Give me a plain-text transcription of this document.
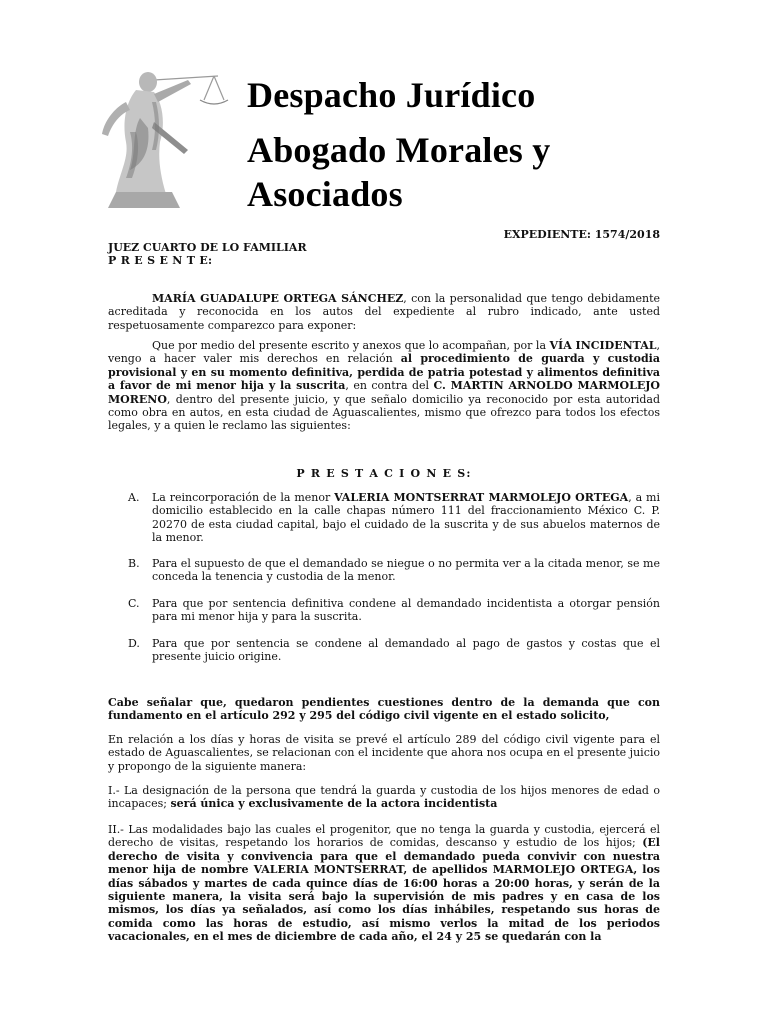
Despacho Jurídico
Abogado Morales y
Asociados
EXPEDIENTE: 1574/2018
JUEZ CUARTO DE LO FAMILIAR
P R E S E N T E:

MARÍA GUADALUPE ORTEGA SÁNCHEZ, con la personalidad que tengo debidamente acreditada y reconocida en los autos del expediente al rubro indicado, ante usted respetuosamente comparezco para exponer:

Que por medio del presente escrito y anexos que lo acompañan, por la VÍA INCIDENTAL, vengo a hacer valer mis derechos en relación al procedimiento de guarda y custodia provisional y en su momento definitiva, perdida de patria potestad y alimentos definitiva a favor de mi menor hija y la suscrita, en contra del C. MARTIN ARNOLDO MARMOLEJO MORENO, dentro del presente juicio, y que señalo domicilio ya reconocido por esta autoridad como obra en autos, en esta ciudad de Aguascalientes, mismo que ofrezco para todos los efectos legales, y a quien le reclamo las siguientes:

P R E S T A C I O N E S:
A.	La reincorporación de la menor VALERIA MONTSERRAT MARMOLEJO ORTEGA, a mi domicilio establecido en la calle chapas número 111 del fraccionamiento México C. P. 20270 de esta ciudad capital, bajo el cuidado de la suscrita y de sus abuelos maternos de la menor.
B.	Para el supuesto de que el demandado se niegue o no permita ver a la citada menor, se me conceda la tenencia y custodia de la menor.
C.	Para que por sentencia definitiva condene al demandado incidentista a otorgar pensión para mi menor hija y para la suscrita.
D.	Para que por sentencia se condene al demandado al pago de gastos y costas que el presente juicio origine.
Cabe señalar que, quedaron pendientes cuestiones dentro de la demanda que con fundamento en el artículo 292 y 295 del código civil vigente en el estado solicito,
En relación a los días y horas de visita se prevé el artículo 289 del código civil vigente para el estado de Aguascalientes, se relacionan con el incidente que ahora nos ocupa en el presente juicio y propongo de la siguiente manera:
I.- La designación de la persona que tendrá la guarda y custodia de los hijos menores de edad o incapaces; será única y exclusivamente de la actora incidentista
II.- Las modalidades bajo las cuales el progenitor, que no tenga la guarda y custodia, ejercerá el derecho de visitas, respetando los horarios de comidas, descanso y estudio de los hijos; (El derecho de visita y convivencia para que el demandado pueda convivir con nuestra menor hija de nombre VALERIA MONTSERRAT, de apellidos MARMOLEJO ORTEGA, los días sábados y martes de cada quince días de 16:00 horas a 20:00 horas, y serán de la siguiente manera, la visita será bajo la supervisión de mis padres y en casa de los mismos, los días ya señalados, así como los días inhábiles, respetando sus horas de comida como las horas de estudio, así mismo verlos la mitad de los periodos vacacionales, en el mes de diciembre de cada año, el 24 y 25 se quedarán con la
